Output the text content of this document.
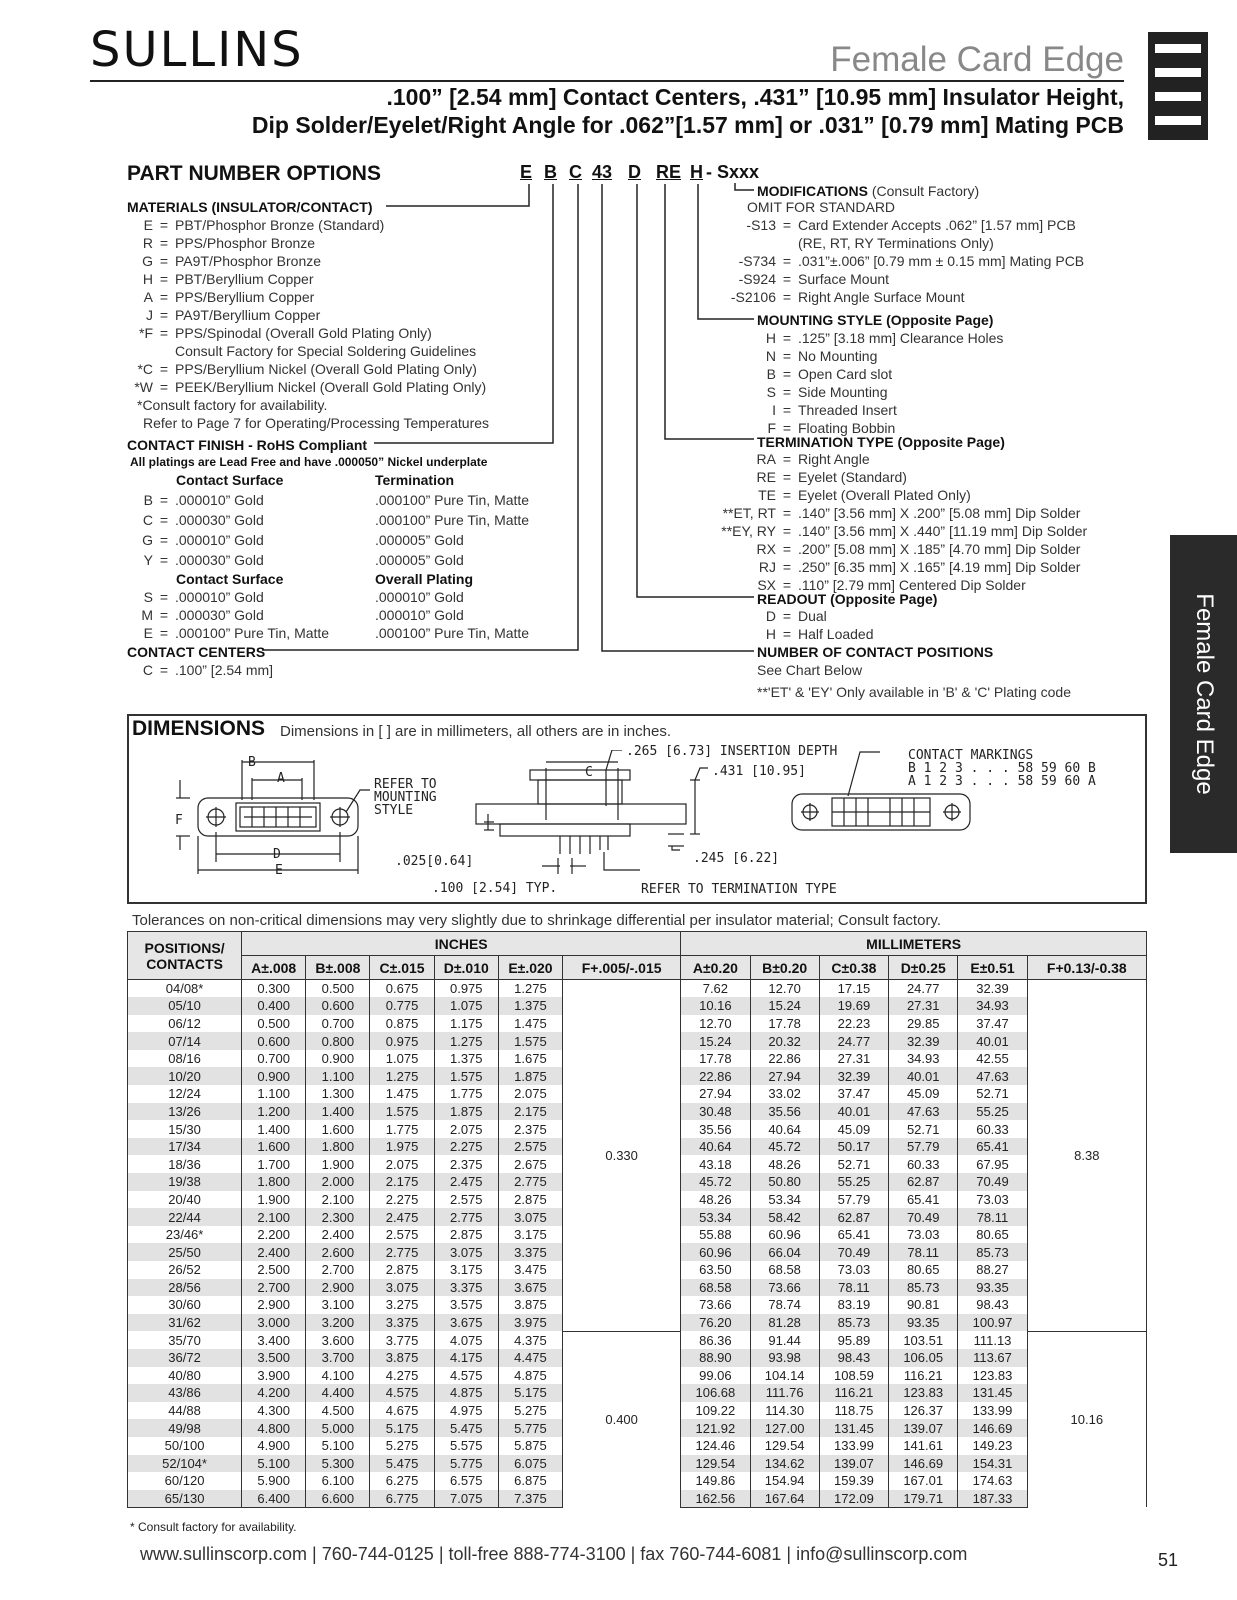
SULLINS	Female Card Edge
.100” [2.54 mm] Contact Centers, .431” [10.95 mm] Insulator Height,
Dip Solder/Eyelet/Right Angle for .062”[1.57 mm] or .031” [0.79 mm] Mating PCB
Female Card Edge
PART NUMBER OPTIONS	E B C 43 D RE H - Sxxx
MATERIALS (INSULATOR/CONTACT)
E = PBT/Phosphor Bronze (Standard)
R = PPS/Phosphor Bronze
G = PA9T/Phosphor Bronze
H = PBT/Beryllium Copper
A = PPS/Beryllium Copper
J = PA9T/Beryllium Copper
*F = PPS/Spinodal (Overall Gold Plating Only)
Consult Factory for Special Soldering Guidelines
*C = PPS/Beryllium Nickel (Overall Gold Plating Only)
*W = PEEK/Beryllium Nickel (Overall Gold Plating Only)
*Consult factory for availability.
Refer to Page 7 for Operating/Processing Temperatures
CONTACT FINISH - RoHS Compliant
All platings are Lead Free and have .000050” Nickel underplate
Contact Surface	Termination
B = .000010” Gold	.000100” Pure Tin, Matte
C = .000030” Gold	.000100” Pure Tin, Matte
G = .000010” Gold	.000005” Gold
Y = .000030” Gold	.000005” Gold
Contact Surface	Overall Plating
S = .000010” Gold	.000010” Gold
M = .000030” Gold	.000010” Gold
E = .000100” Pure Tin, Matte	.000100” Pure Tin, Matte
CONTACT CENTERS
C = .100” [2.54 mm]
MODIFICATIONS (Consult Factory)
OMIT FOR STANDARD
-S13 = Card Extender Accepts .062” [1.57 mm] PCB
(RE, RT, RY Terminations Only)
-S734 = .031”±.006” [0.79 mm ± 0.15 mm] Mating PCB
-S924 = Surface Mount
-S2106 = Right Angle Surface Mount
MOUNTING STYLE (Opposite Page)
H = .125” [3.18 mm] Clearance Holes
N = No Mounting
B = Open Card slot
S = Side Mounting
I = Threaded Insert
F = Floating Bobbin
TERMINATION TYPE (Opposite Page)
RA = Right Angle
RE = Eyelet (Standard)
TE = Eyelet (Overall Plated Only)
**ET, RT = .140” [3.56 mm] X .200” [5.08 mm] Dip Solder
**EY, RY = .140” [3.56 mm] X .440” [11.19 mm] Dip Solder
RX = .200” [5.08 mm] X .185” [4.70 mm] Dip Solder
RJ = .250” [6.35 mm] X .165” [4.19 mm] Dip Solder
SX = .110” [2.79 mm] Centered Dip Solder
READOUT (Opposite Page)
D = Dual
H = Half Loaded
NUMBER OF CONTACT POSITIONS
See Chart Below
**'ET' & 'EY' Only available in 'B' & 'C' Plating code
DIMENSIONS Dimensions in [ ] are in millimeters, all others are in inches.
B
A
F
D
E
REFER TO
MOUNTING
STYLE
C
.265 [6.73] INSERTION DEPTH
.431 [10.95]
.025[0.64]	.245 [6.22]
.100 [2.54] TYP.	REFER TO TERMINATION TYPE
CONTACT MARKINGS
B 1 2 3 . . . 58 59 60 B
A 1 2 3 . . . 58 59 60 A
Tolerances on non-critical dimensions may very slightly due to shrinkage differential per insulator material; Consult factory.
POSITIONS/
CONTACTS	INCHES						MILLIMETERS					
	A±.008	B±.008	C±.015	D±.010	E±.020	F+.005/-.015	A±0.20	B±0.20	C±0.38	D±0.25	E±0.51	F+0.13/-0.38
04/08*	0.300	0.500	0.675	0.975	1.275	0.330	7.62	12.70	17.15	24.77	32.39	8.38
05/10	0.400	0.600	0.775	1.075	1.375		10.16	15.24	19.69	27.31	34.93	
06/12	0.500	0.700	0.875	1.175	1.475		12.70	17.78	22.23	29.85	37.47	
07/14	0.600	0.800	0.975	1.275	1.575		15.24	20.32	24.77	32.39	40.01	
08/16	0.700	0.900	1.075	1.375	1.675		17.78	22.86	27.31	34.93	42.55	
10/20	0.900	1.100	1.275	1.575	1.875		22.86	27.94	32.39	40.01	47.63	
12/24	1.100	1.300	1.475	1.775	2.075		27.94	33.02	37.47	45.09	52.71	
13/26	1.200	1.400	1.575	1.875	2.175		30.48	35.56	40.01	47.63	55.25	
15/30	1.400	1.600	1.775	2.075	2.375		35.56	40.64	45.09	52.71	60.33	
17/34	1.600	1.800	1.975	2.275	2.575		40.64	45.72	50.17	57.79	65.41	
18/36	1.700	1.900	2.075	2.375	2.675		43.18	48.26	52.71	60.33	67.95	
19/38	1.800	2.000	2.175	2.475	2.775		45.72	50.80	55.25	62.87	70.49	
20/40	1.900	2.100	2.275	2.575	2.875		48.26	53.34	57.79	65.41	73.03	
22/44	2.100	2.300	2.475	2.775	3.075		53.34	58.42	62.87	70.49	78.11	
23/46*	2.200	2.400	2.575	2.875	3.175		55.88	60.96	65.41	73.03	80.65	
25/50	2.400	2.600	2.775	3.075	3.375		60.96	66.04	70.49	78.11	85.73	
26/52	2.500	2.700	2.875	3.175	3.475		63.50	68.58	73.03	80.65	88.27	
28/56	2.700	2.900	3.075	3.375	3.675		68.58	73.66	78.11	85.73	93.35	
30/60	2.900	3.100	3.275	3.575	3.875		73.66	78.74	83.19	90.81	98.43	
31/62	3.000	3.200	3.375	3.675	3.975		76.20	81.28	85.73	93.35	100.97	
35/70	3.400	3.600	3.775	4.075	4.375	0.400	86.36	91.44	95.89	103.51	111.13	10.16
36/72	3.500	3.700	3.875	4.175	4.475		88.90	93.98	98.43	106.05	113.67	
40/80	3.900	4.100	4.275	4.575	4.875		99.06	104.14	108.59	116.21	123.83	
43/86	4.200	4.400	4.575	4.875	5.175		106.68	111.76	116.21	123.83	131.45	
44/88	4.300	4.500	4.675	4.975	5.275		109.22	114.30	118.75	126.37	133.99	
49/98	4.800	5.000	5.175	5.475	5.775		121.92	127.00	131.45	139.07	146.69	
50/100	4.900	5.100	5.275	5.575	5.875		124.46	129.54	133.99	141.61	149.23	
52/104*	5.100	5.300	5.475	5.775	6.075		129.54	134.62	139.07	146.69	154.31	
60/120	5.900	6.100	6.275	6.575	6.875		149.86	154.94	159.39	167.01	174.63	
65/130	6.400	6.600	6.775	7.075	7.375		162.56	167.64	172.09	179.71	187.33	
* Consult factory for availability.
www.sullinscorp.com | 760-744-0125 | toll-free 888-774-3100 | fax 760-744-6081 | info@sullinscorp.com	51
